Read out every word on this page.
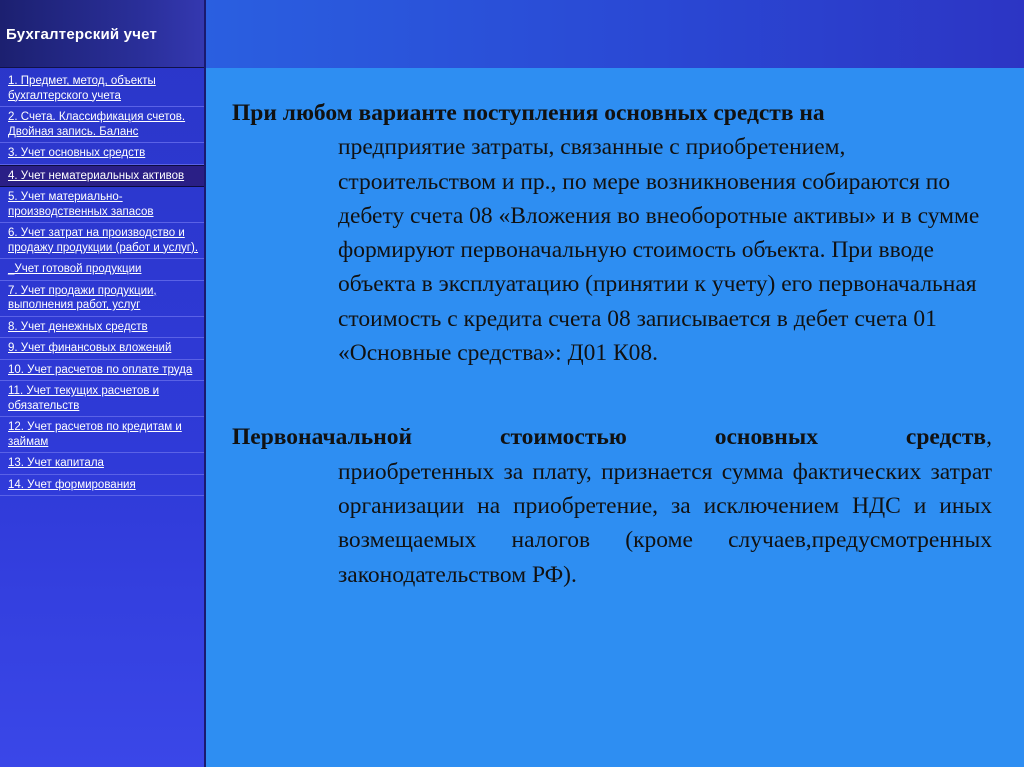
Бухгалтерский учет
1. Предмет, метод, объекты бухгалтерского учета
2. Счета. Классификация счетов. Двойная запись. Баланс
3. Учет основных средств
4. Учет нематериальных активов
5. Учет материально-производственных запасов
6. Учет затрат на производство и продажу продукции (работ и услуг).
_Учет готовой продукции
7. Учет продажи продукции, выполнения работ, услуг
8. Учет денежных средств
9. Учет финансовых вложений
10. Учет расчетов по оплате труда
11. Учет текущих расчетов и обязательств
12. Учет расчетов по кредитам и займам
13. Учет капитала
14. Учет формирования

При любом варианте поступления основных средств на
предприятие затраты, связанные с приобретением, строительством и пр., по мере возникновения собираются по дебету счета 08 «Вложения во внеоборотные активы» и в сумме формируют первоначальную стоимость объекта. При вводе объекта в эксплуатацию (принятии к учету) его первоначальная стоимость с кредита счета 08 записывается в дебет счета 01 «Основные средства»: Д01 К08.

Первоначальной	стоимостью	основных	средств,
приобретенных за плату, признается сумма фактических затрат организации на приобретение, за исключением НДС и иных возмещаемых налогов (кроме случаев,предусмотренных законодательством РФ).
